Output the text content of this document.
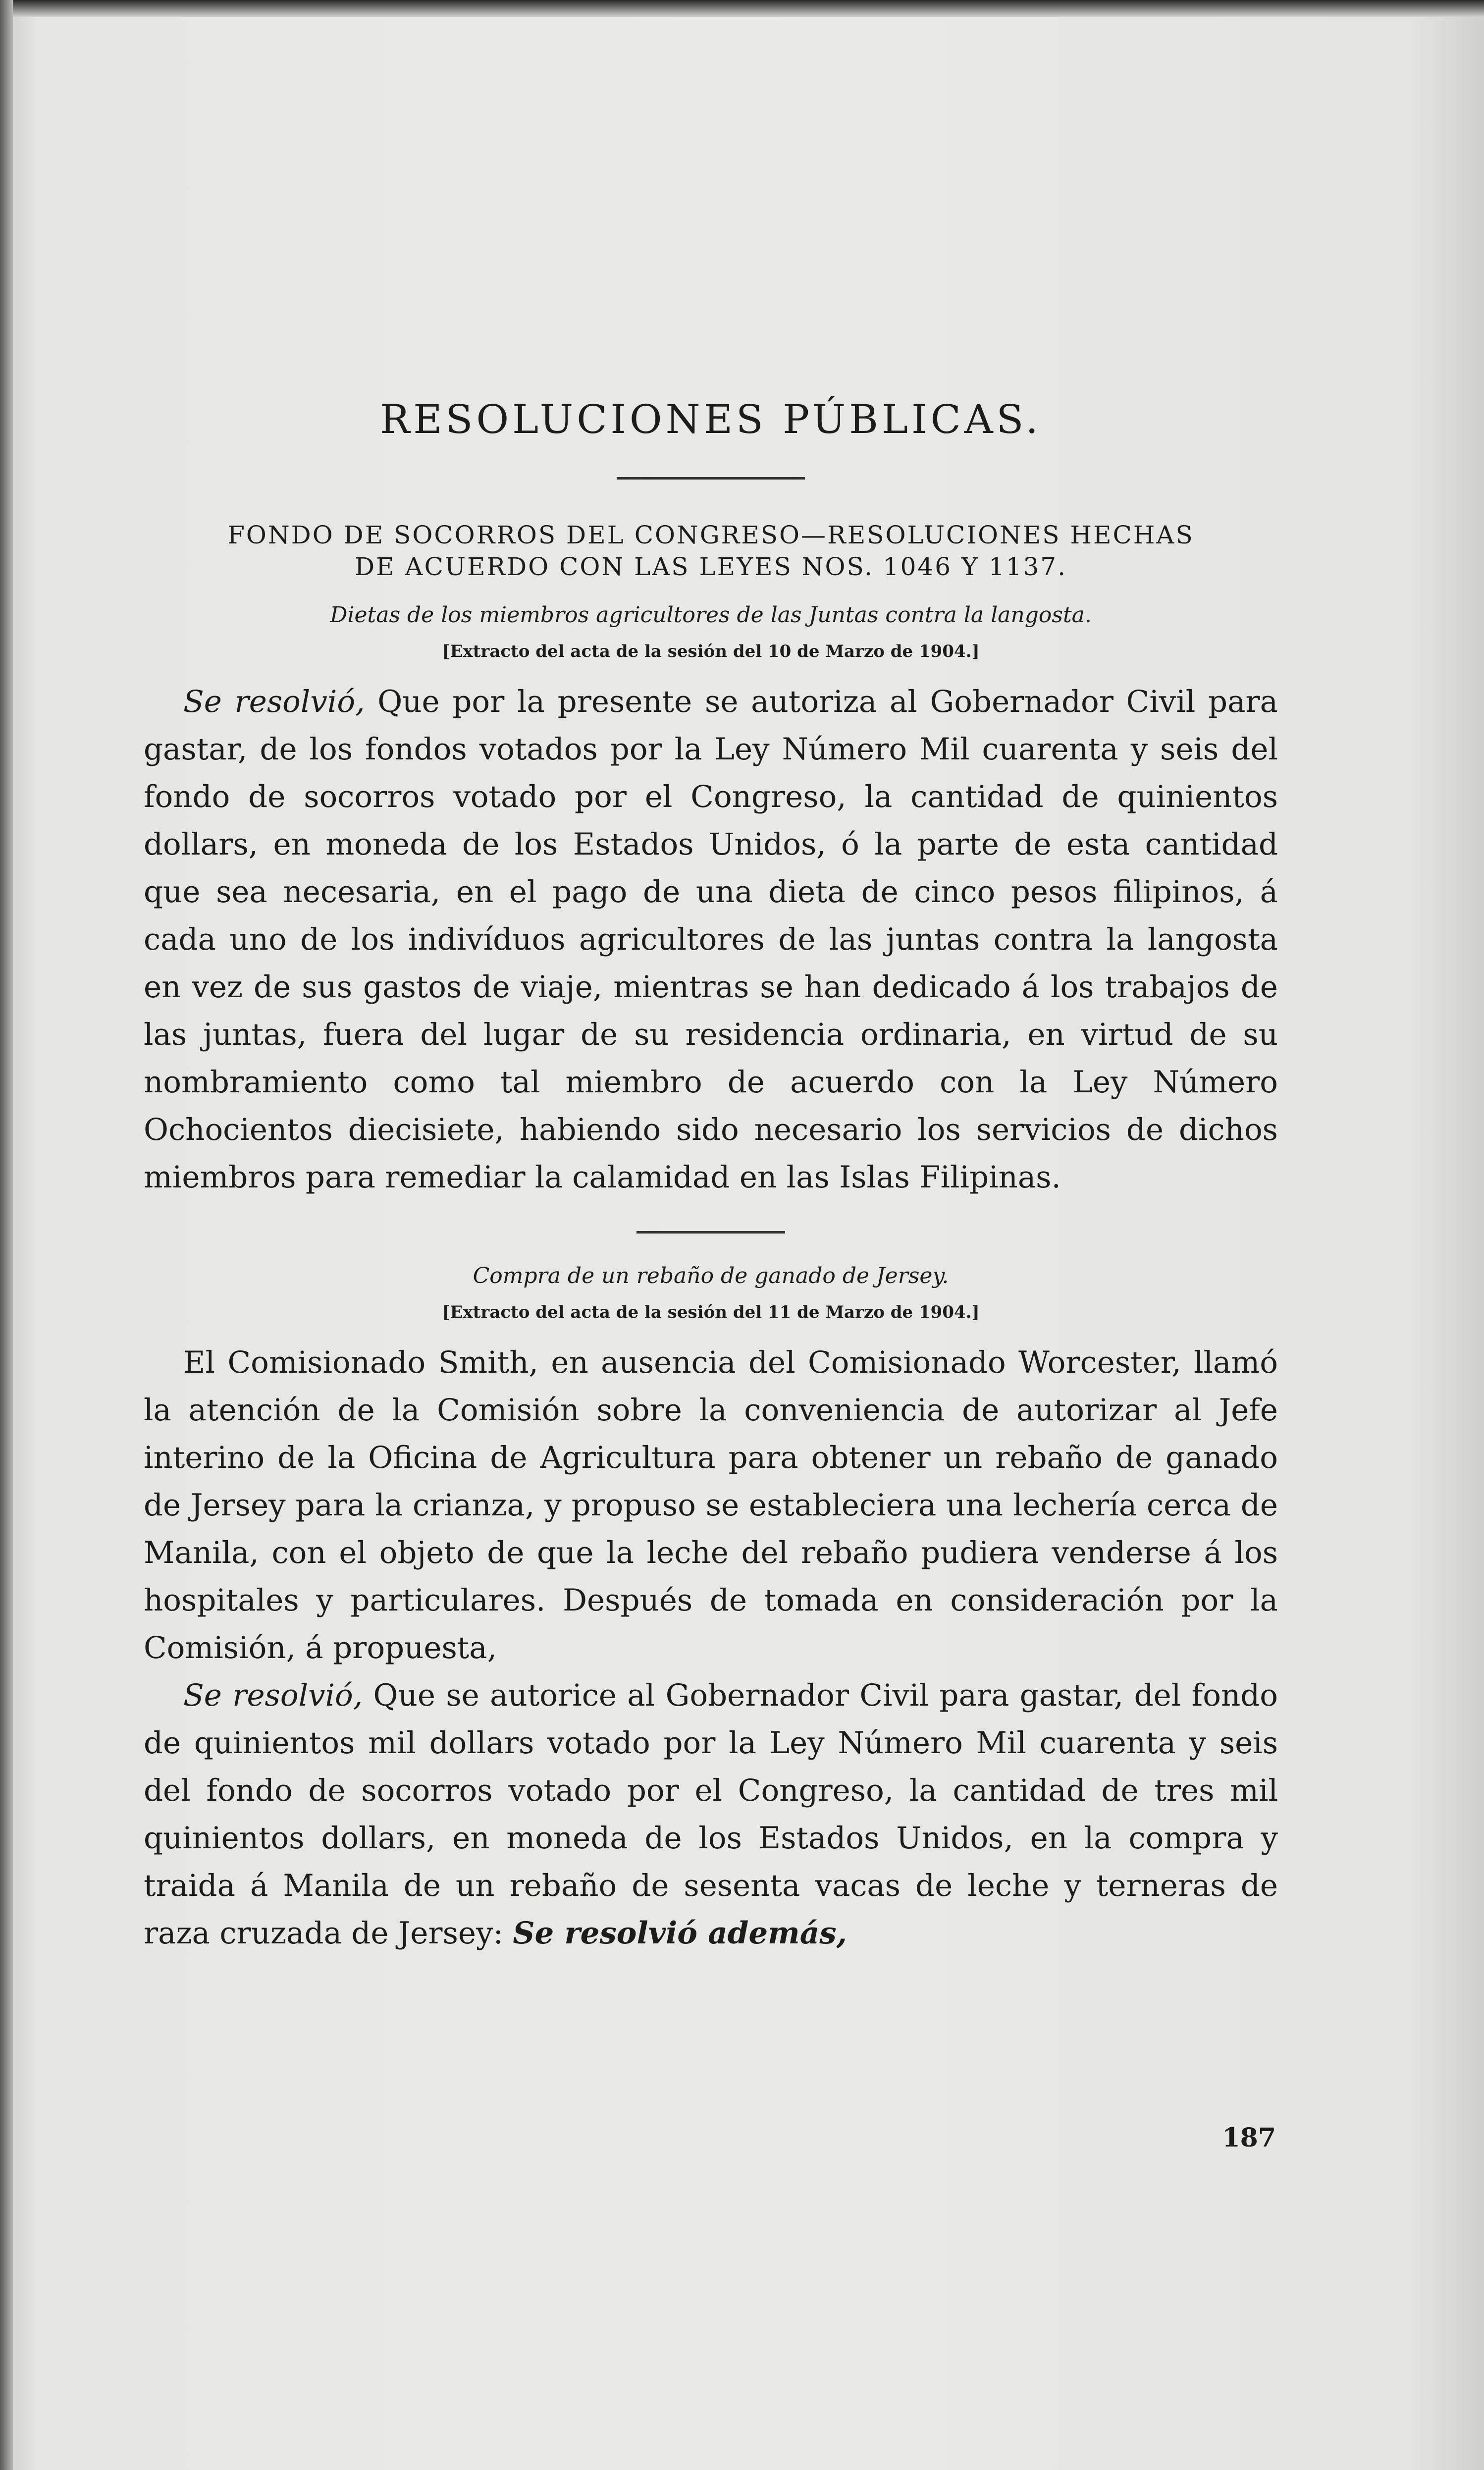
RESOLUCIONES PÚBLICAS.
FONDO DE SOCORROS DEL CONGRESO—RESOLUCIONES HECHAS
DE ACUERDO CON LAS LEYES NOS. 1046 Y 1137.
Dietas de los miembros agricultores de las Juntas contra la langosta.
[Extracto del acta de la sesión del 10 de Marzo de 1904.]

Se resolvió, Que por la presente se autoriza al Gobernador Civil para gastar, de los fondos votados por la Ley Número Mil cuarenta y seis del fondo de socorros votado por el Congreso, la cantidad de quinientos dollars, en moneda de los Estados Unidos, ó la parte de esta cantidad que sea necesaria, en el pago de una dieta de cinco pesos filipinos, á cada uno de los indivíduos agricultores de las juntas contra la langosta en vez de sus gastos de viaje, mientras se han dedicado á los trabajos de las juntas, fuera del lugar de su residencia ordinaria, en virtud de su nombramiento como tal miembro de acuerdo con la Ley Número Ochocientos diecisiete, habiendo sido necesario los servicios de dichos miembros para remediar la calamidad en las Islas Filipinas.

Compra de un rebaño de ganado de Jersey.
[Extracto del acta de la sesión del 11 de Marzo de 1904.]

El Comisionado Smith, en ausencia del Comisionado Worcester, llamó la atención de la Comisión sobre la conveniencia de autorizar al Jefe interino de la Oficina de Agricultura para obtener un rebaño de ganado de Jersey para la crianza, y propuso se estableciera una lechería cerca de Manila, con el objeto de que la leche del rebaño pudiera venderse á los hospitales y particulares. Después de tomada en consideración por la Comisión, á propuesta,

Se resolvió, Que se autorice al Gobernador Civil para gastar, del fondo de quinientos mil dollars votado por la Ley Número Mil cuarenta y seis del fondo de socorros votado por el Congreso, la cantidad de tres mil quinientos dollars, en moneda de los Estados Unidos, en la compra y traida á Manila de un rebaño de sesenta vacas de leche y terneras de raza cruzada de Jersey: Se resolvió además,

187
